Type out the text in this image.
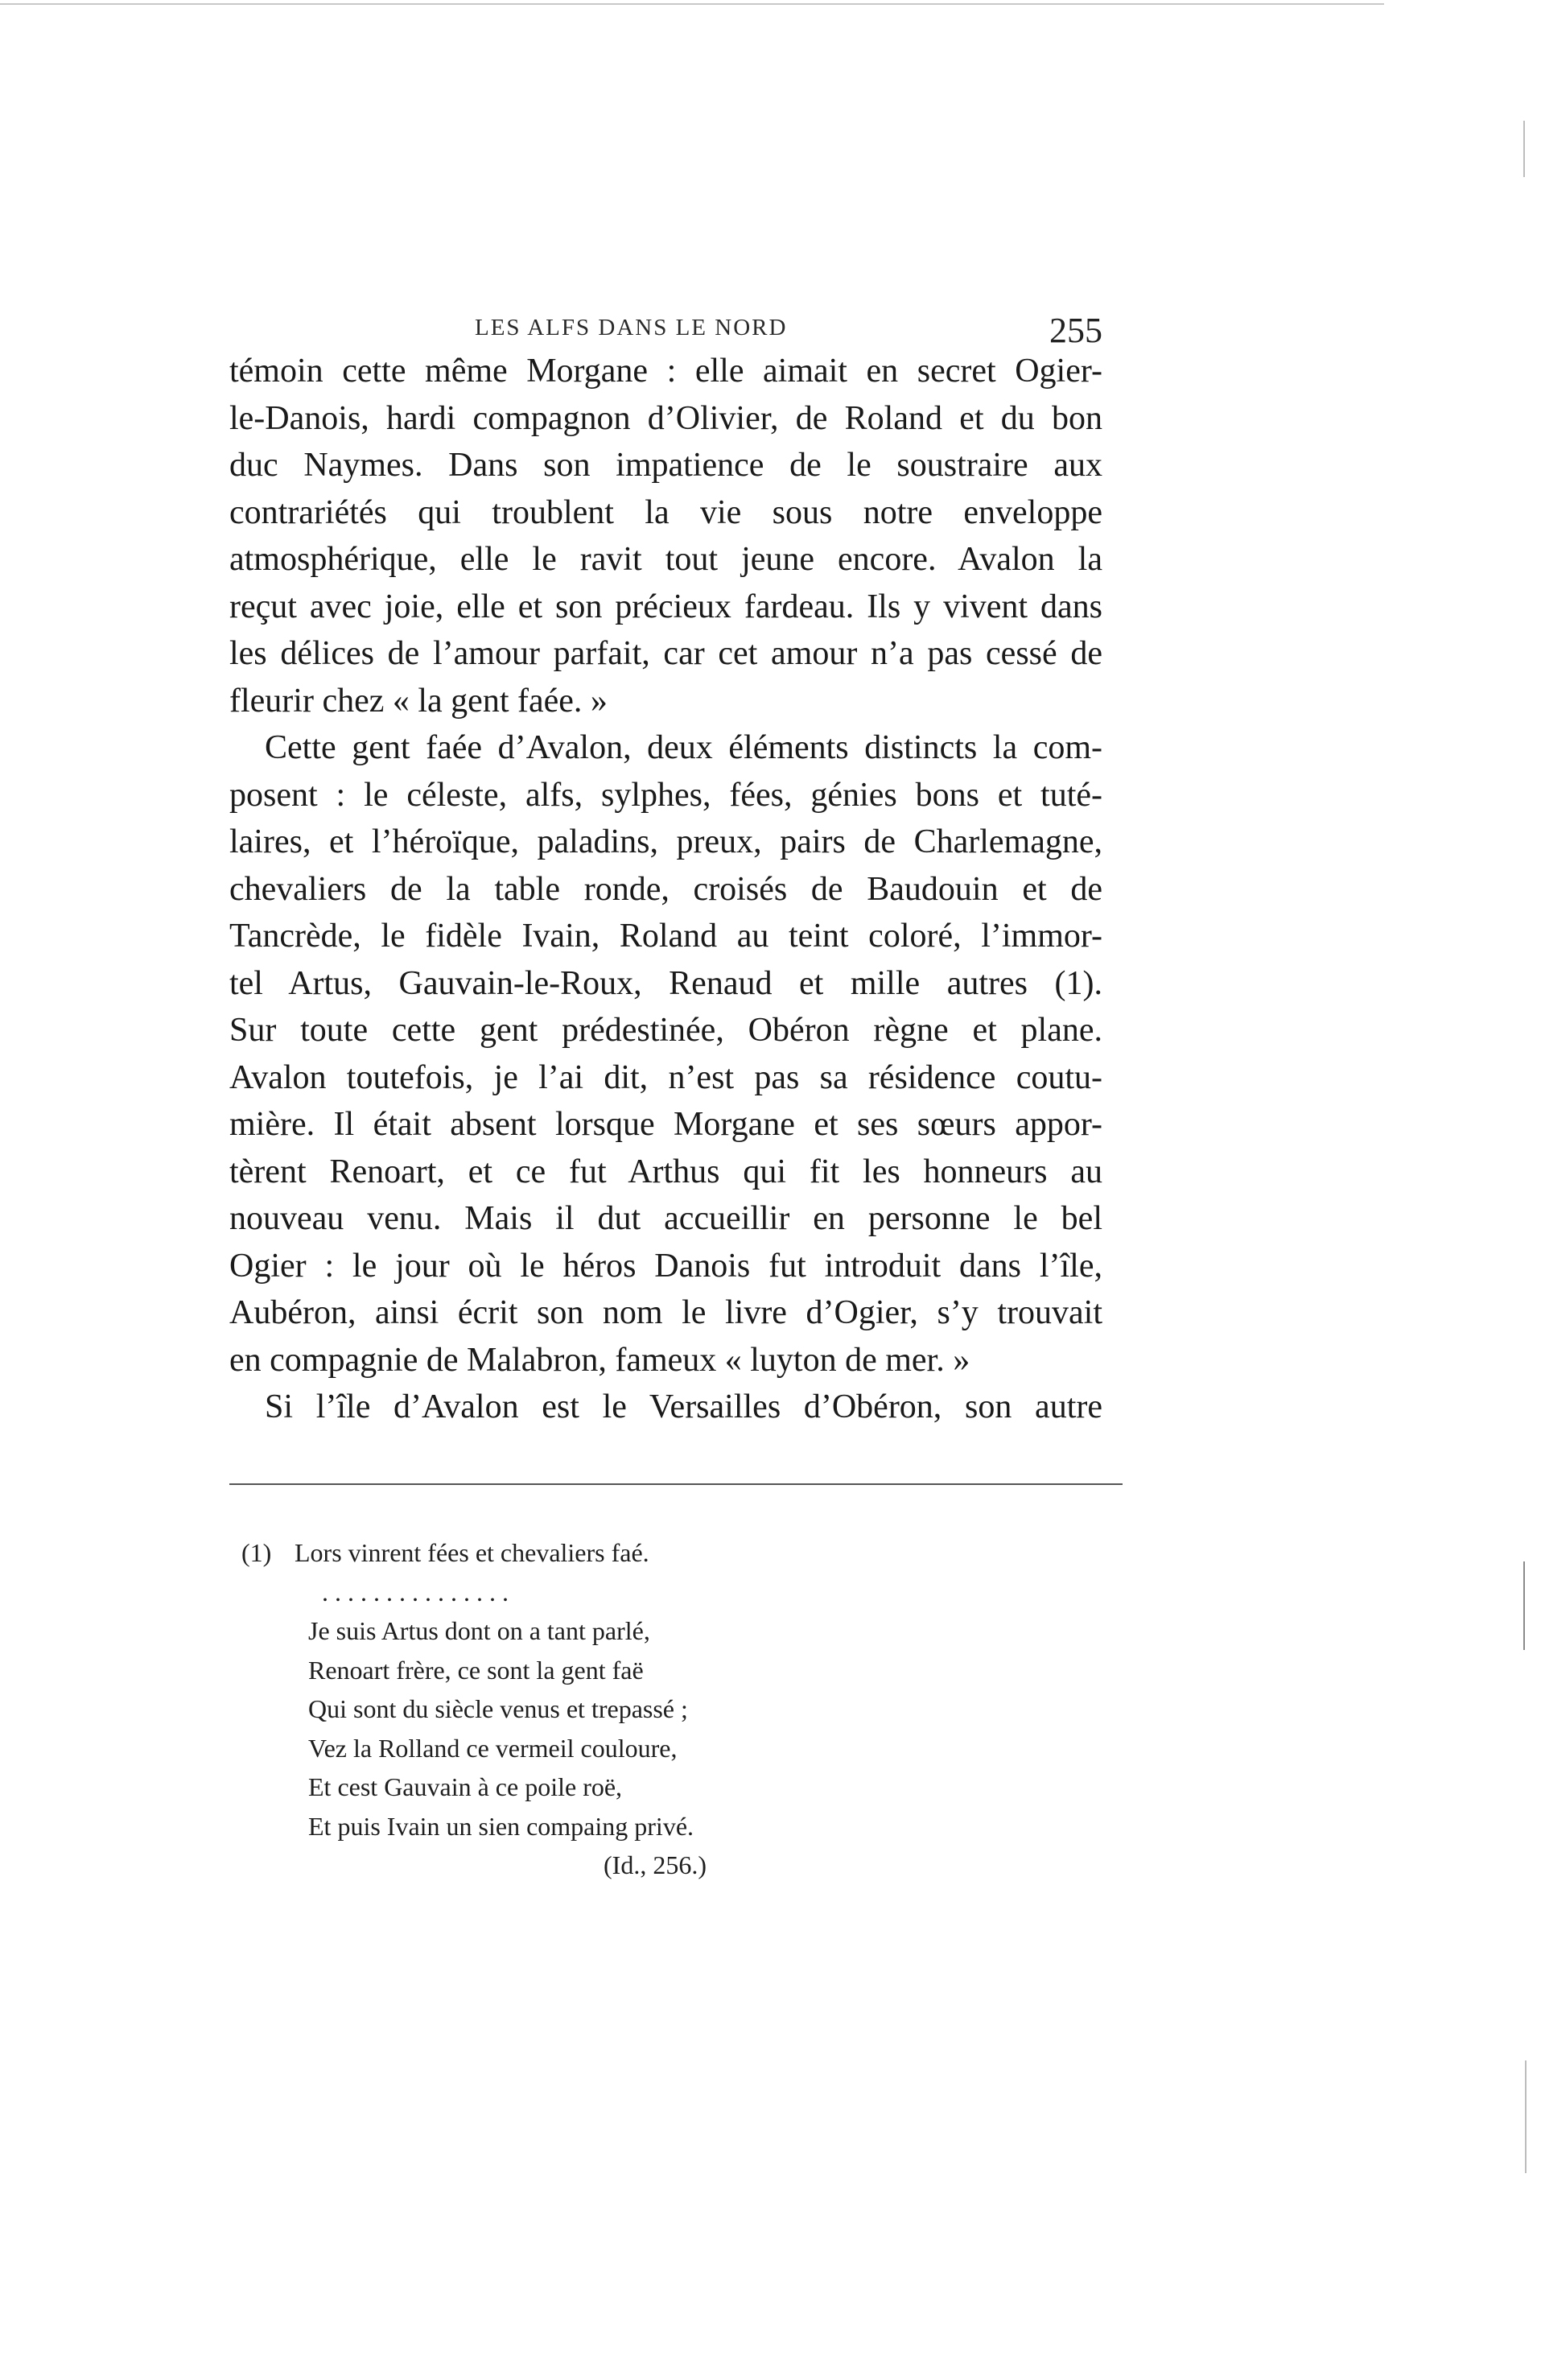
LES ALFS DANS LE NORD	255
témoin cette même Morgane : elle aimait en secret Ogier-
le-Danois, hardi compagnon d’Olivier, de Roland et du bon
duc Naymes. Dans son impatience de le soustraire aux
contrariétés qui troublent la vie sous notre enveloppe
atmosphérique, elle le ravit tout jeune encore. Avalon la
reçut avec joie, elle et son précieux fardeau. Ils y vivent dans
les délices de l’amour parfait, car cet amour n’a pas cessé de
fleurir chez « la gent faée. »
Cette gent faée d’Avalon, deux éléments distincts la com-
posent : le céleste, alfs, sylphes, fées, génies bons et tuté-
laires, et l’héroïque, paladins, preux, pairs de Charlemagne,
chevaliers de la table ronde, croisés de Baudouin et de
Tancrède, le fidèle Ivain, Roland au teint coloré, l’immor-
tel Artus, Gauvain-le-Roux, Renaud et mille autres (1).
Sur toute cette gent prédestinée, Obéron règne et plane.
Avalon toutefois, je l’ai dit, n’est pas sa résidence coutu-
mière. Il était absent lorsque Morgane et ses sœurs appor-
tèrent Renoart, et ce fut Arthus qui fit les honneurs au
nouveau venu. Mais il dut accueillir en personne le bel
Ogier : le jour où le héros Danois fut introduit dans l’île,
Aubéron, ainsi écrit son nom le livre d’Ogier, s’y trouvait
en compagnie de Malabron, fameux « luyton de mer. »
Si l’île d’Avalon est le Versailles d’Obéron, son autre
(1) Lors vinrent fées et chevaliers faé.
...............
Je suis Artus dont on a tant parlé,
Renoart frère, ce sont la gent faë
Qui sont du siècle venus et trepassé ;
Vez la Rolland ce vermeil couloure,
Et cest Gauvain à ce poile roë,
Et puis Ivain un sien compaing privé.
(Id., 256.)
